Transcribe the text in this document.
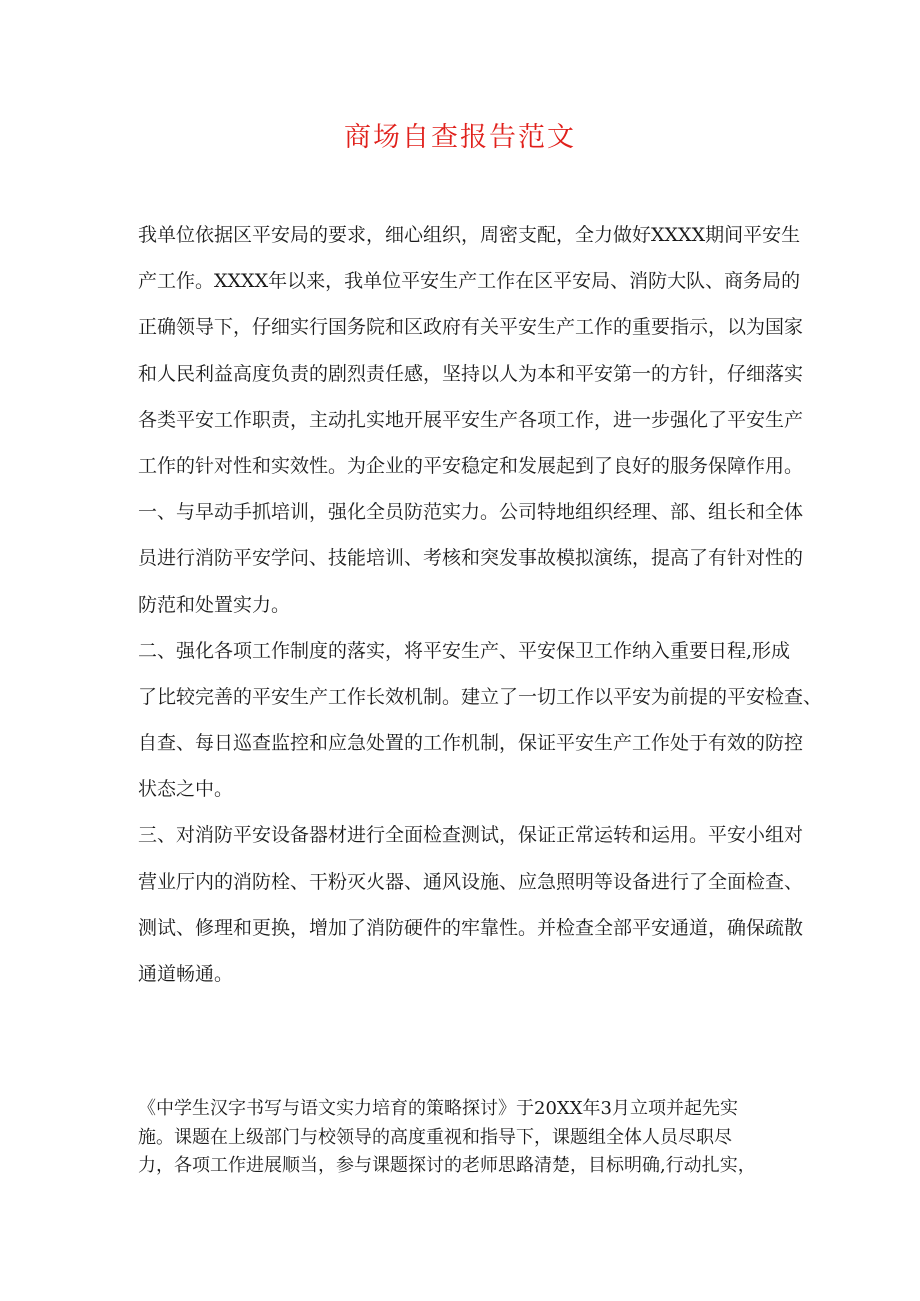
商场自查报告范文
我单位依据区平安局的要求，细心组织，周密支配，全力做好XXXX期间平安生
产工作。XXXX年以来，我单位平安生产工作在区平安局、消防大队、商务局的
正确领导下，仔细实行国务院和区政府有关平安生产工作的重要指示，以为国家
和人民利益高度负责的剧烈责任感，坚持以人为本和平安第一的方针，仔细落实
各类平安工作职责，主动扎实地开展平安生产各项工作，进一步强化了平安生产
工作的针对性和实效性。为企业的平安稳定和发展起到了良好的服务保障作用。
一、与早动手抓培训，强化全员防范实力。公司特地组织经理、部、组长和全体
员进行消防平安学问、技能培训、考核和突发事故模拟演练，提高了有针对性的
防范和处置实力。
二、强化各项工作制度的落实，将平安生产、平安保卫工作纳入重要日程,形成
了比较完善的平安生产工作长效机制。建立了一切工作以平安为前提的平安检查、
自查、每日巡查监控和应急处置的工作机制，保证平安生产工作处于有效的防控
状态之中。
三、对消防平安设备器材进行全面检查测试，保证正常运转和运用。平安小组对
营业厅内的消防栓、干粉灭火器、通风设施、应急照明等设备进行了全面检查、
测试、修理和更换，增加了消防硬件的牢靠性。并检查全部平安通道，确保疏散
通道畅通。
《中学生汉字书写与语文实力培育的策略探讨》于20XX年3月立项并起先实
施。课题在上级部门与校领导的高度重视和指导下，课题组全体人员尽职尽
力，各项工作进展顺当，参与课题探讨的老师思路清楚，目标明确,行动扎实，
